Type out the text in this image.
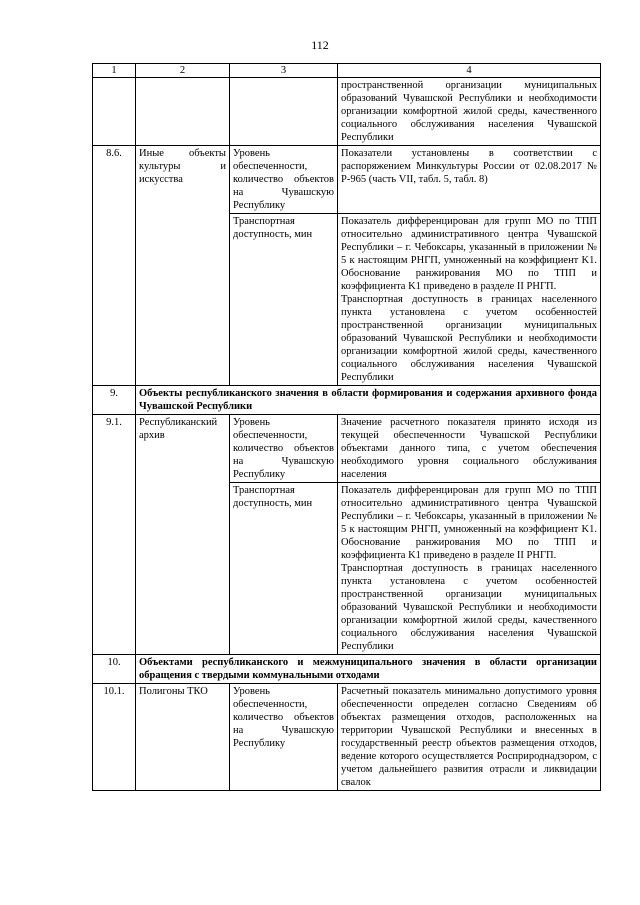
112
1	2	3	4
			пространственной организации муниципальных образований Чувашской Республики и необходимости организации комфортной жилой среды, качественного социального обслуживания населения Чувашской Республики
8.6.	Иные объекты культуры и искусства	Уровень обеспеченности, количество объектов на Чувашскую Республику	Показатели установлены в соответствии с распоряжением Минкультуры России от 02.08.2017 № Р-965 (часть VII, табл. 5, табл. 8)
		Транспортная доступность, мин	Показатель дифференцирован для групп МО по ТПП относительно административного центра Чувашской Республики – г. Чебоксары, указанный в приложении № 5 к настоящим РНГП, умноженный на коэффициент K1. Обоснование ранжирования МО по ТПП и коэффициента K1 приведено в разделе II РНГП.
Транспортная доступность в границах населенного пункта установлена с учетом особенностей пространственной организации муниципальных образований Чувашской Республики и необходимости организации комфортной жилой среды, качественного социального обслуживания населения Чувашской Республики

9.	Объекты республиканского значения в области формирования и содержания архивного фонда Чувашской Республики		
9.1.	Республиканский архив	Уровень обеспеченности, количество объектов на Чувашскую Республику	Значение расчетного показателя принято исходя из текущей обеспеченности Чувашской Республики объектами данного типа, с учетом обеспечения необходимого уровня социального обслуживания населения
		Транспортная доступность, мин	Показатель дифференцирован для групп МО по ТПП относительно административного центра Чувашской Республики – г. Чебоксары, указанный в приложении № 5 к настоящим РНГП, умноженный на коэффициент K1. Обоснование ранжирования МО по ТПП и коэффициента K1 приведено в разделе II РНГП.
Транспортная доступность в границах населенного пункта установлена с учетом особенностей пространственной организации муниципальных образований Чувашской Республики и необходимости организации комфортной жилой среды, качественного социального обслуживания населения Чувашской Республики

10.	Объектами республиканского и межмуниципального значения в области организации обращения с твердыми коммунальными отходами		
10.1.	Полигоны ТКО	Уровень обеспеченности, количество объектов на Чувашскую Республику	Расчетный показатель минимально допустимого уровня обеспеченности определен согласно Сведениям об объектах размещения отходов, расположенных на территории Чувашской Республики и внесенных в государственный реестр объектов размещения отходов, ведение которого осуществляется Росприроднадзором, с учетом дальнейшего развития отрасли и ликвидации свалок
